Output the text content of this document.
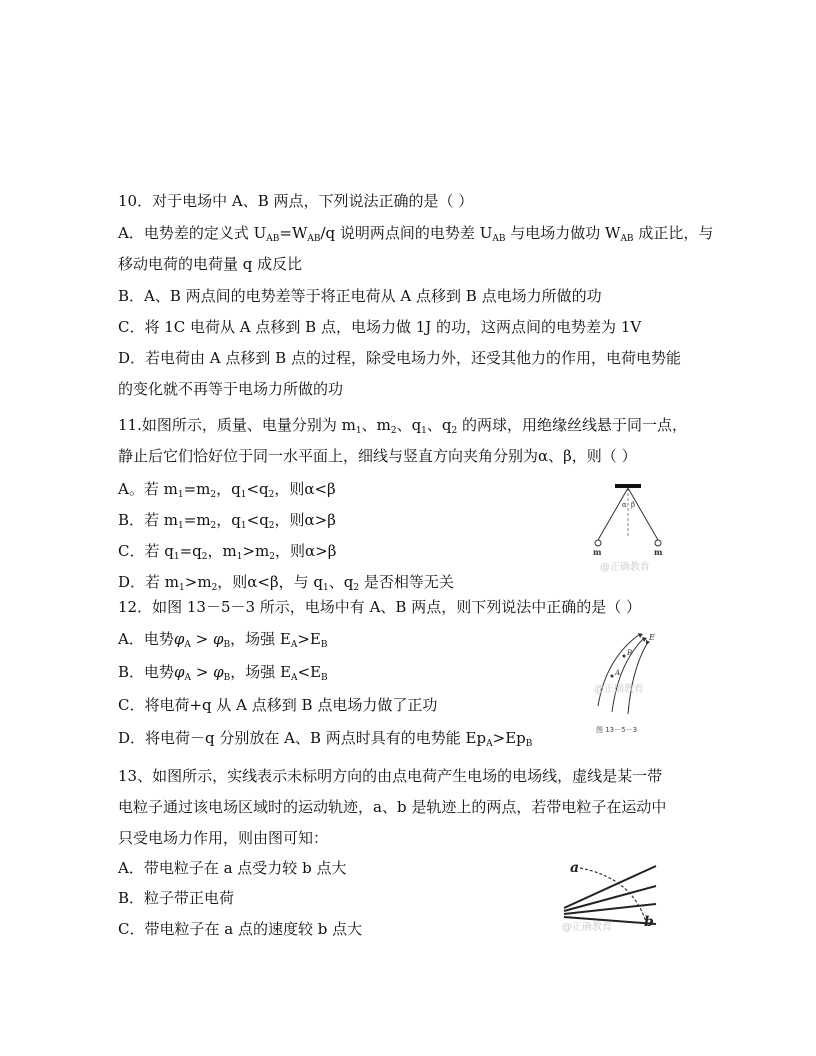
10．对于电场中 A、B 两点，下列说法正确的是（ ）
A．电势差的定义式 $U_{AB}=W_{AB}/q$ 说明两点间的电势差 $U_{AB}$ 与电场力做功 $W_{AB}$ 成正比，与
移动电荷的电荷量 q 成反比
B．A、B 两点间的电势差等于将正电荷从 A 点移到 B 点电场力所做的功
C．将 1C 电荷从 A 点移到 B 点，电场力做 1J 的功，这两点间的电势差为 1V
D．若电荷由 A 点移到 B 点的过程，除受电场力外，还受其他力的作用，电荷电势能
的变化就不再等于电场力所做的功
11.如图所示，质量、电量分别为 $m_1$、$m_2$、$q_1$、$q_2$ 的两球，用绝缘丝线悬于同一点，
静止后它们恰好位于同一水平面上，细线与竖直方向夹角分别为α、β，则（ ）
A。若 $m_1=m_2$，$q_1<q_2$，则α<β
B．若 $m_1=m_2$，$q_1<q_2$，则α>β
C．若 $q_1=q_2$，$m_1>m_2$，则α>β
D．若 $m_1>m_2$，则α<β，与 $q_1$、$q_2$ 是否相等无关
α β
m	m
@正确教育
12．如图 13－5－3 所示，电场中有 A、B 两点，则下列说法中正确的是（ ）
A．电势$\varphi_A > \varphi_B$，场强 $E_A>E_B$
B．电势$\varphi_A > \varphi_B$，场强 $E_A<E_B$
C．将电荷+q 从 A 点移到 B 点电场力做了正功
D．将电荷－q 分别放在 A、B 两点时具有的电势能 $Ep_A>Ep_B$
E
B
A
@正确教育
图 13－5－3
13、如图所示，实线表示未标明方向的由点电荷产生电场的电场线，虚线是某一带
电粒子通过该电场区域时的运动轨迹，a、b 是轨迹上的两点，若带电粒子在运动中
只受电场力作用，则由图可知：
A．带电粒子在 a 点受力较 b 点大
B．粒子带正电荷
C．带电粒子在 a 点的速度较 b 点大
a
b
@正确教育
